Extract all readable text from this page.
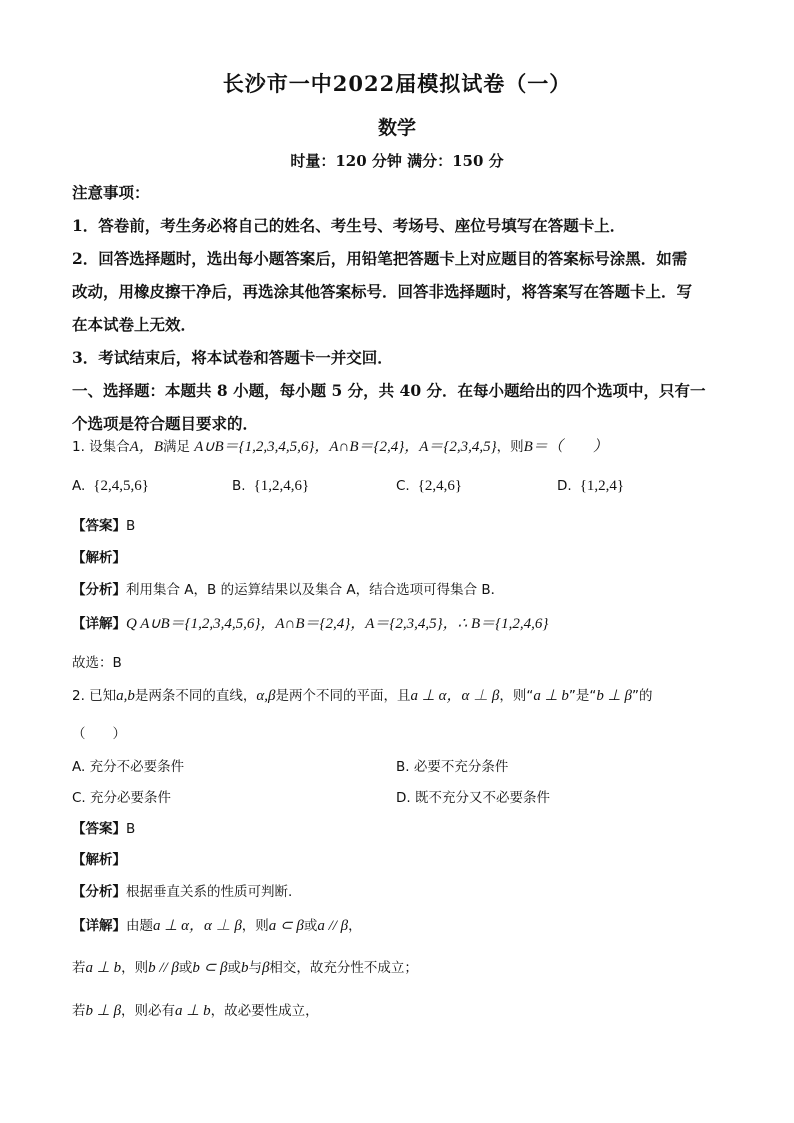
长沙市一中2022届模拟试卷（一）
数学
时量：120 分钟 满分：150 分
注意事项：
1．答卷前，考生务必将自己的姓名、考生号、考场号、座位号填写在答题卡上．
2．回答选择题时，选出每小题答案后，用铅笔把答题卡上对应题目的答案标号涂黑．如需
改动，用橡皮擦干净后，再选涂其他答案标号．回答非选择题时，将答案写在答题卡上．写
在本试卷上无效．
3．考试结束后，将本试卷和答题卡一并交回．
一、选择题：本题共 8 小题，每小题 5 分，共 40 分．在每小题给出的四个选项中，只有一
个选项是符合题目要求的．
1. 设集合A，B满足 A∪B＝{1,2,3,4,5,6}，A∩B＝{2,4}，A＝{2,3,4,5}，则B＝（　　）
A. {2,4,5,6}	B. {1,2,4,6}	C. {2,4,6}	D. {1,2,4}
【答案】B
【解析】
【分析】利用集合 A，B 的运算结果以及集合 A，结合选项可得集合 B．
【详解】Q A∪B＝{1,2,3,4,5,6}，A∩B＝{2,4}，A＝{2,3,4,5}，∴ B＝{1,2,4,6}
故选：B
2. 已知a,b是两条不同的直线，α,β是两个不同的平面，且a ⊥ α，α ⊥ β，则“a ⊥ b”是“b ⊥ β”的
（　　）
A. 充分不必要条件	B. 必要不充分条件
C. 充分必要条件	D. 既不充分又不必要条件
【答案】B
【解析】
【分析】根据垂直关系的性质可判断.
【详解】由题a ⊥ α，α ⊥ β，则a ⊂ β或a // β，
若a ⊥ b，则b // β或b ⊂ β或b与β相交，故充分性不成立；
若b ⊥ β，则必有a ⊥ b，故必要性成立，
